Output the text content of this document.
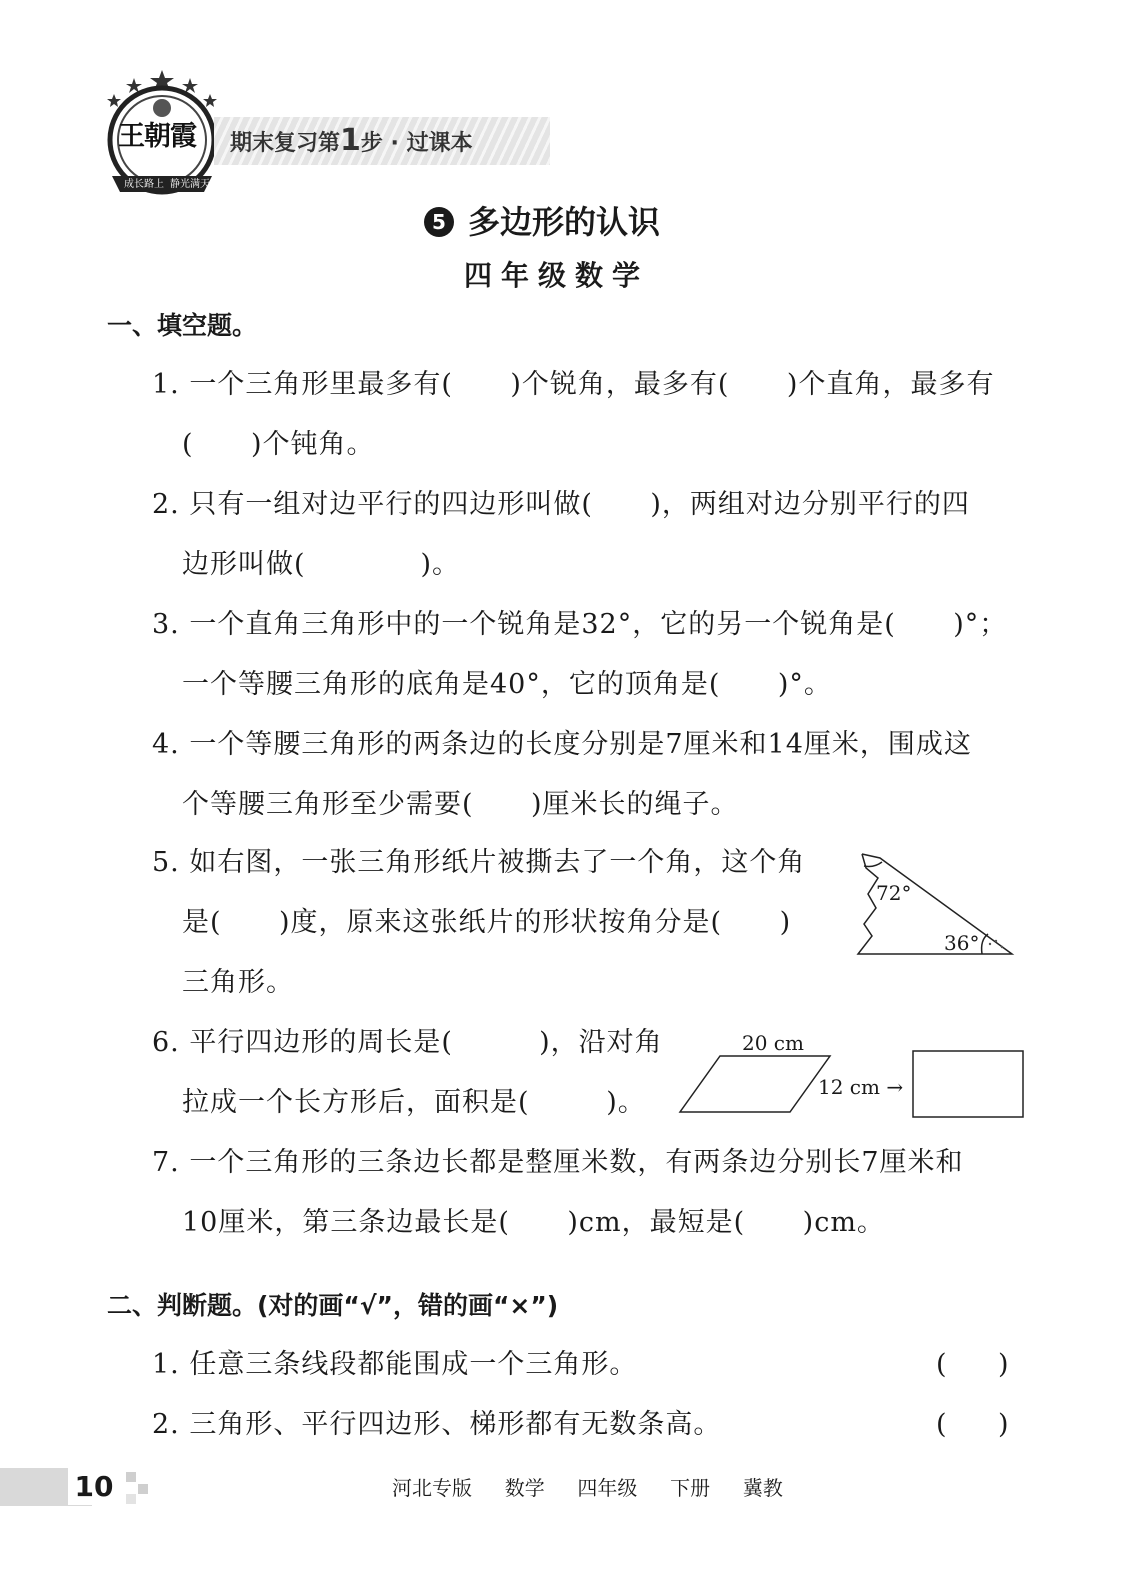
王朝霞
成长路上 静光满天
期末复习第1步 · 过课本
5 多边形的认识
四年级数学
一、填空题。
1. 一个三角形里最多有(      )个锐角，最多有(      )个直角，最多有
(      )个钝角。
2. 只有一组对边平行的四边形叫做(      )，两组对边分别平行的四
边形叫做(            )。
3. 一个直角三角形中的一个锐角是32°，它的另一个锐角是(      )°；
一个等腰三角形的底角是40°，它的顶角是(      )°。
4. 一个等腰三角形的两条边的长度分别是7厘米和14厘米，围成这
个等腰三角形至少需要(      )厘米长的绳子。
5. 如右图，一张三角形纸片被撕去了一个角，这个角
是(      )度，原来这张纸片的形状按角分是(      )
三角形。
72°
36°
6. 平行四边形的周长是(         )，沿对角
拉成一个长方形后，面积是(        )。
20 cm
12 cm →
7. 一个三角形的三条边长都是整厘米数，有两条边分别长7厘米和
10厘米，第三条边最长是(      )cm，最短是(      )cm。
二、判断题。(对的画“√”，错的画“×”)
1. 任意三条线段都能围成一个三角形。	(      )
2. 三角形、平行四边形、梯形都有无数条高。	(      )
10	河北专版  数学  四年级  下册  冀教
